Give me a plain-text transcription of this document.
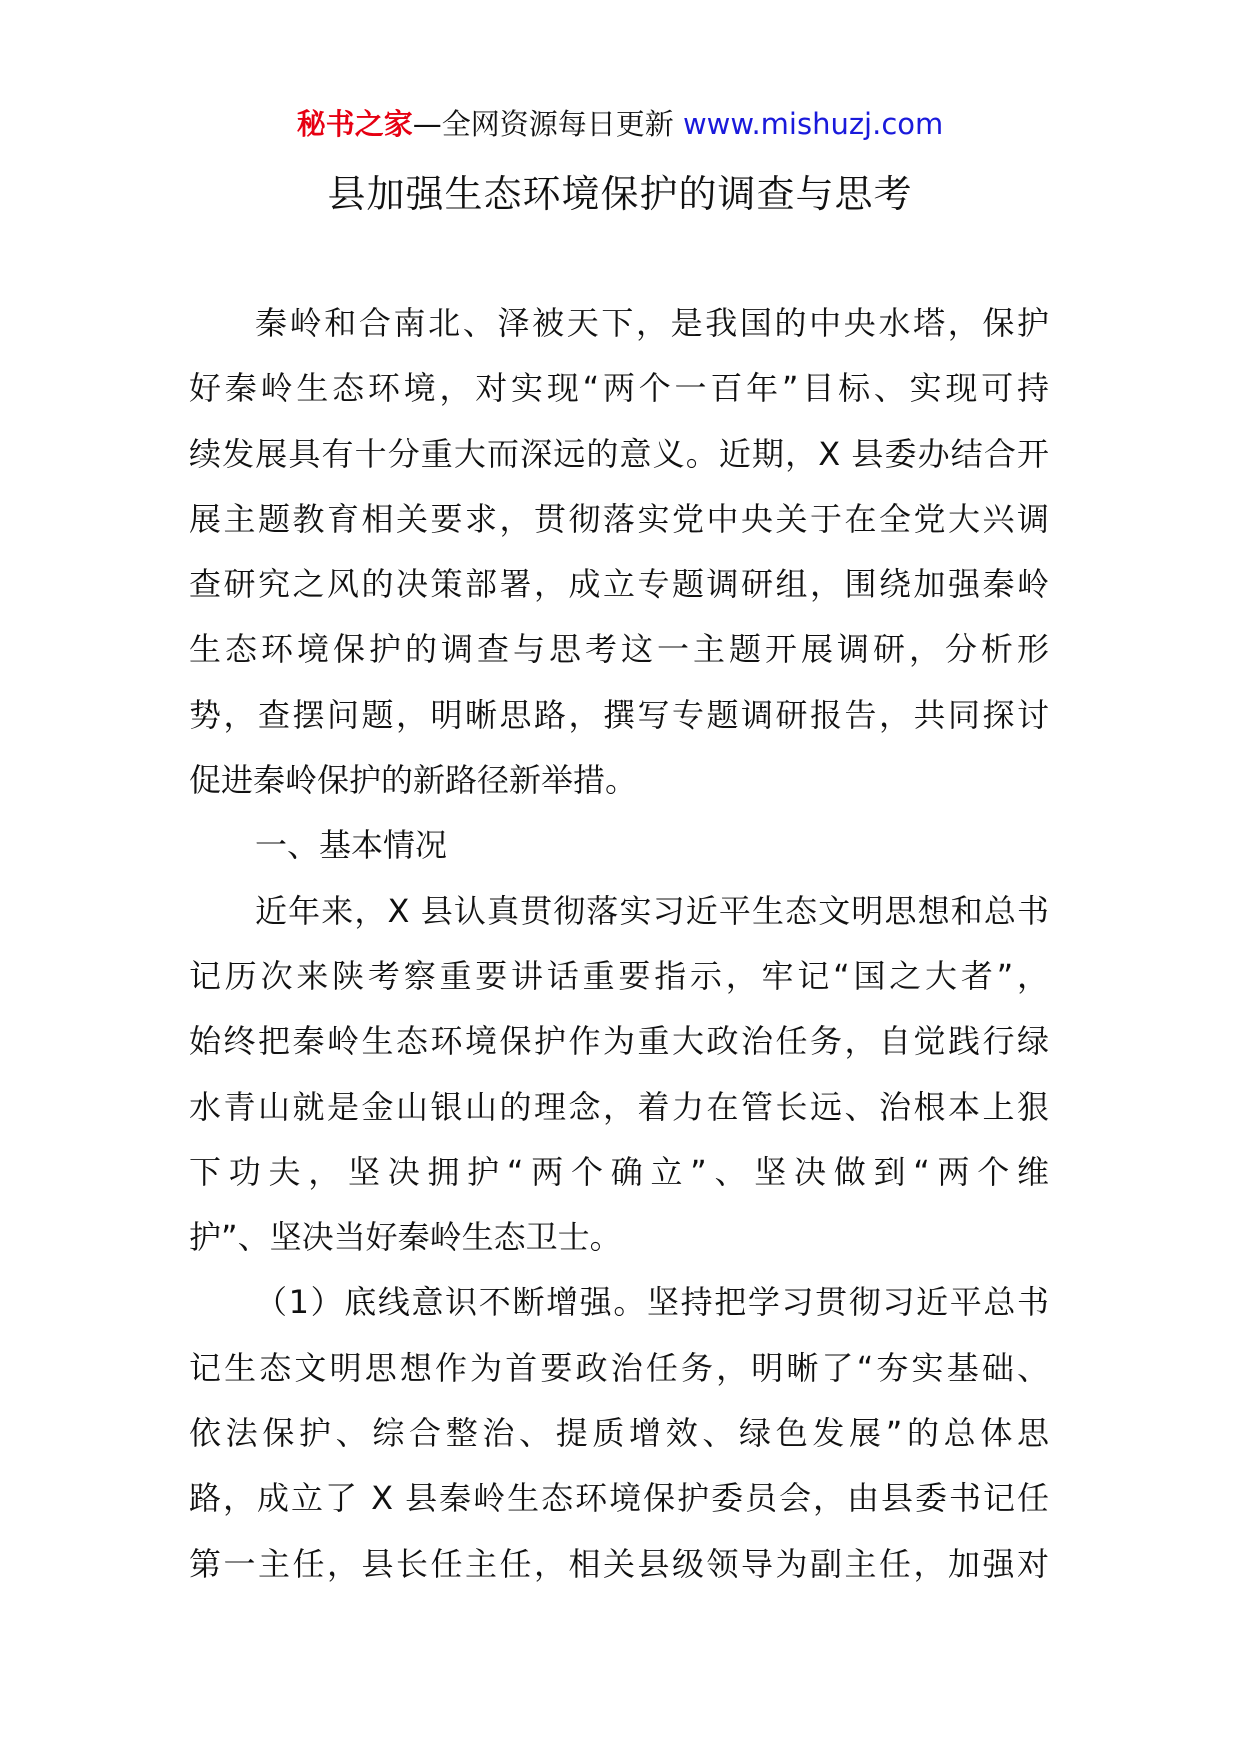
秘书之家—全网资源每日更新 www.mishuzj.com
县加强生态环境保护的调查与思考
秦岭和合南北、泽被天下，是我国的中央水塔，保护
好秦岭生态环境，对实现“两个一百年”目标、实现可持
续发展具有十分重大而深远的意义。近期，X 县委办结合开
展主题教育相关要求，贯彻落实党中央关于在全党大兴调
查研究之风的决策部署，成立专题调研组，围绕加强秦岭
生态环境保护的调查与思考这一主题开展调研，分析形
势，查摆问题，明晰思路，撰写专题调研报告，共同探讨
促进秦岭保护的新路径新举措。
一、基本情况
近年来，X 县认真贯彻落实习近平生态文明思想和总书
记历次来陕考察重要讲话重要指示，牢记“国之大者”，
始终把秦岭生态环境保护作为重大政治任务，自觉践行绿
水青山就是金山银山的理念，着力在管长远、治根本上狠
下功夫，坚决拥护“两个确立”、坚决做到“两个维
护”、坚决当好秦岭生态卫士。
（1）底线意识不断增强。坚持把学习贯彻习近平总书
记生态文明思想作为首要政治任务，明晰了“夯实基础、
依法保护、综合整治、提质增效、绿色发展”的总体思
路，成立了 X 县秦岭生态环境保护委员会，由县委书记任
第一主任，县长任主任，相关县级领导为副主任，加强对
